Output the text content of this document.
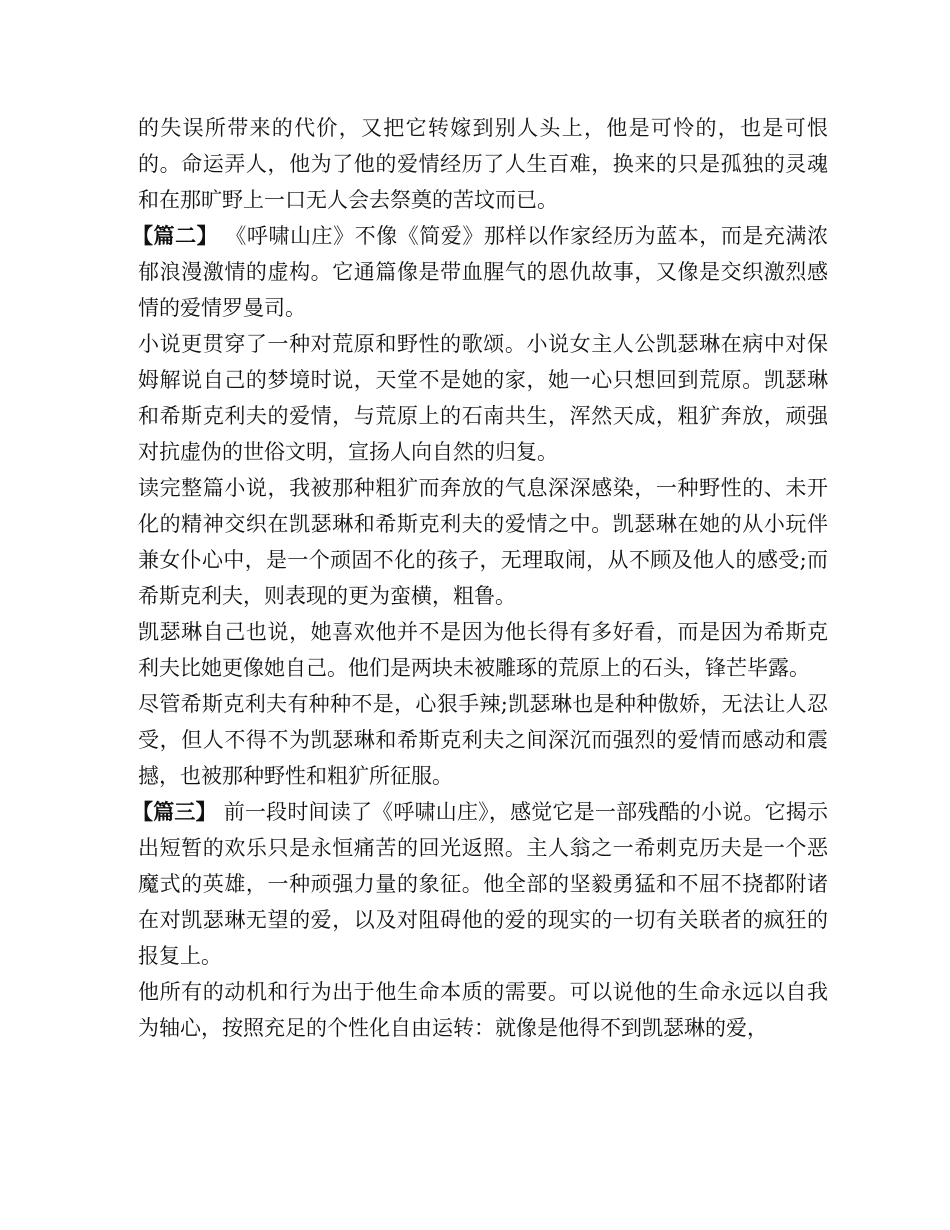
的失误所带来的代价，又把它转嫁到别人头上，他是可怜的，也是可恨的。命运弄人，他为了他的爱情经历了人生百难，换来的只是孤独的灵魂和在那旷野上一口无人会去祭奠的苦坟而已。

【篇二】 《呼啸山庄》不像《简爱》那样以作家经历为蓝本，而是充满浓郁浪漫激情的虚构。它通篇像是带血腥气的恩仇故事，又像是交织激烈感情的爱情罗曼司。

小说更贯穿了一种对荒原和野性的歌颂。小说女主人公凯瑟琳在病中对保姆解说自己的梦境时说，天堂不是她的家，她一心只想回到荒原。凯瑟琳和希斯克利夫的爱情，与荒原上的石南共生，浑然天成，粗犷奔放，顽强对抗虚伪的世俗文明，宣扬人向自然的归复。

读完整篇小说，我被那种粗犷而奔放的气息深深感染，一种野性的、未开化的精神交织在凯瑟琳和希斯克利夫的爱情之中。凯瑟琳在她的从小玩伴兼女仆心中，是一个顽固不化的孩子，无理取闹，从不顾及他人的感受;而希斯克利夫，则表现的更为蛮横，粗鲁。

凯瑟琳自己也说，她喜欢他并不是因为他长得有多好看，而是因为希斯克利夫比她更像她自己。他们是两块未被雕琢的荒原上的石头，锋芒毕露。

尽管希斯克利夫有种种不是，心狠手辣;凯瑟琳也是种种傲娇，无法让人忍受，但人不得不为凯瑟琳和希斯克利夫之间深沉而强烈的爱情而感动和震撼，也被那种野性和粗犷所征服。

【篇三】 前一段时间读了《呼啸山庄》，感觉它是一部残酷的小说。它揭示出短暂的欢乐只是永恒痛苦的回光返照。主人翁之一希刺克历夫是一个恶魔式的英雄，一种顽强力量的象征。他全部的坚毅勇猛和不屈不挠都附诸在对凯瑟琳无望的爱，以及对阻碍他的爱的现实的一切有关联者的疯狂的报复上。

他所有的动机和行为出于他生命本质的需要。可以说他的生命永远以自我为轴心，按照充足的个性化自由运转：就像是他得不到凯瑟琳的爱，
